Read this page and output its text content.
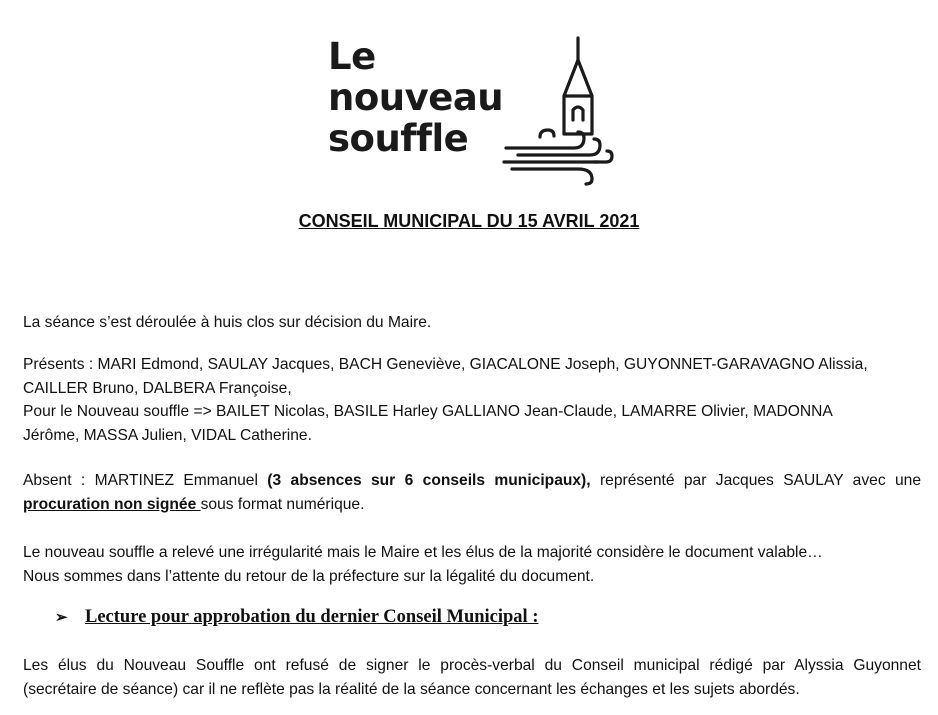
Le
nouveau
souffle
CONSEIL MUNICIPAL DU 15 AVRIL 2021
La séance s’est déroulée à huis clos sur décision du Maire.
Présents : MARI Edmond, SAULAY Jacques, BACH Geneviève, GIACALONE Joseph, GUYONNET-GARAVAGNO Alissia,
CAILLER Bruno, DALBERA Françoise,
Pour le Nouveau souffle => BAILET Nicolas, BASILE Harley GALLIANO Jean-Claude, LAMARRE Olivier, MADONNA
Jérôme, MASSA Julien, VIDAL Catherine.
Absent : MARTINEZ Emmanuel (3 absences sur 6 conseils municipaux), représenté par Jacques SAULAY avec une
procuration non signée sous format numérique.
Le nouveau souffle a relevé une irrégularité mais le Maire et les élus de la majorité considère le document valable…
Nous sommes dans l’attente du retour de la préfecture sur la légalité du document.
➢ Lecture pour approbation du dernier Conseil Municipal :
Les élus du Nouveau Souffle ont refusé de signer le procès-verbal du Conseil municipal rédigé par Alyssia Guyonnet
(secrétaire de séance) car il ne reflète pas la réalité de la séance concernant les échanges et les sujets abordés.
